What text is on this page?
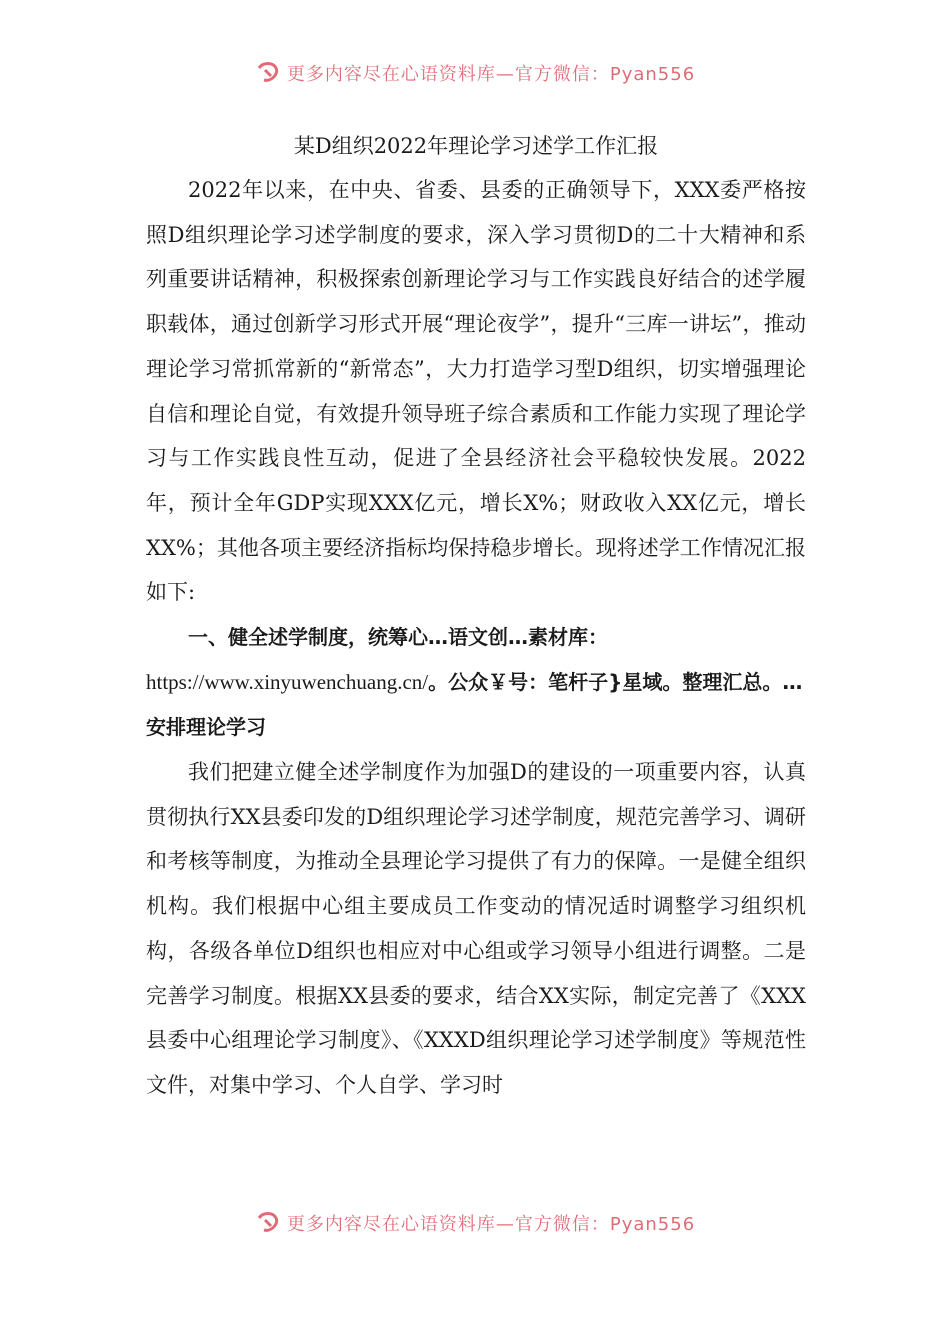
更多内容尽在心语资料库—官方微信：Pyan556
某D组织2022年理论学习述学工作汇报

2022年以来，在中央、省委、县委的正确领导下，XXX委严格按照D组织理论学习述学制度的要求，深入学习贯彻D的二十大精神和系列重要讲话精神，积极探索创新理论学习与工作实践良好结合的述学履职载体，通过创新学习形式开展“理论夜学”，提升“三库一讲坛”，推动理论学习常抓常新的“新常态”，大力打造学习型D组织，切实增强理论自信和理论自觉，有效提升领导班子综合素质和工作能力实现了理论学习与工作实践良性互动，促进了全县经济社会平稳较快发展。2022年，预计全年GDP实现XXX亿元，增长X%；财政收入XX亿元，增长XX%；其他各项主要经济指标均保持稳步增长。现将述学工作情况汇报如下:

一、健全述学制度，统筹心…语文创…素材库：https://www.xinyuwenchuang.cn/。公众￥号：笔杆子}星域。整理汇总。…安排理论学习

我们把建立健全述学制度作为加强D的建设的一项重要内容，认真贯彻执行XX县委印发的D组织理论学习述学制度，规范完善学习、调研和考核等制度，为推动全县理论学习提供了有力的保障。一是健全组织机构。我们根据中心组主要成员工作变动的情况适时调整学习组织机构，各级各单位D组织也相应对中心组或学习领导小组进行调整。二是完善学习制度。根据XX县委的要求，结合XX实际，制定完善了《XXX县委中心组理论学习制度》、《XXXD组织理论学习述学制度》等规范性文件，对集中学习、个人自学、学习时

更多内容尽在心语资料库—官方微信：Pyan556
